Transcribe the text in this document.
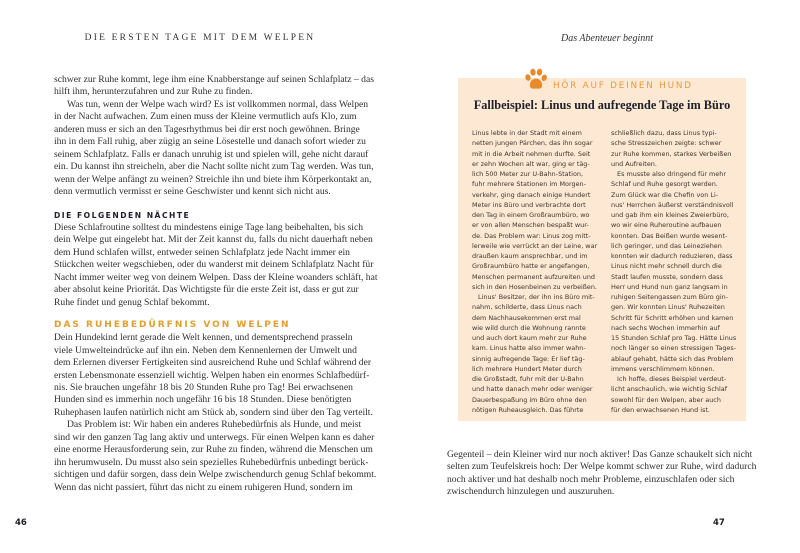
DIE ERSTEN TAGE MIT DEM WELPEN

schwer zur Ruhe kommt, lege ihm eine Knabberstange auf seinen Schlafplatz – das
hilft ihm, herunterzufahren und zur Ruhe zu finden.

Was tun, wenn der Welpe wach wird? Es ist vollkommen normal, dass Welpen
in der Nacht aufwachen. Zum einen muss der Kleine vermutlich aufs Klo, zum
anderen muss er sich an den Tagesrhythmus bei dir erst noch gewöhnen. Bringe
ihn in dem Fall ruhig, aber zügig an seine Lösestelle und danach sofort wieder zu
seinem Schlafplatz. Falls er danach unruhig ist und spielen will, gehe nicht darauf
ein. Du kannst ihn streicheln, aber die Nacht sollte nicht zum Tag werden. Was tun,
wenn der Welpe anfängt zu weinen? Streichle ihn und biete ihm Körperkontakt an,
denn vermutlich vermisst er seine Geschwister und kennt sich nicht aus.

DIE FOLGENDEN NÄCHTE

Diese Schlafroutine solltest du mindestens einige Tage lang beibehalten, bis sich
dein Welpe gut eingelebt hat. Mit der Zeit kannst du, falls du nicht dauerhaft neben
dem Hund schlafen willst, entweder seinen Schlafplatz jede Nacht immer ein
Stückchen weiter wegschieben, oder du wanderst mit deinem Schlafplatz Nacht für
Nacht immer weiter weg von deinem Welpen. Dass der Kleine woanders schläft, hat
aber absolut keine Priorität. Das Wichtigste für die erste Zeit ist, dass er gut zur
Ruhe findet und genug Schlaf bekommt.

DAS RUHEBEDÜRFNIS VON WELPEN

Dein Hundekind lernt gerade die Welt kennen, und dementsprechend prasseln
viele Umwelteindrücke auf ihn ein. Neben dem Kennenlernen der Umwelt und
dem Erlernen diverser Fertigkeiten sind ausreichend Ruhe und Schlaf während der
ersten Lebensmonate essenziell wichtig. Welpen haben ein enormes Schlafbedürf-
nis. Sie brauchen ungefähr 18 bis 20 Stunden Ruhe pro Tag! Bei erwachsenen
Hunden sind es immerhin noch ungefähr 16 bis 18 Stunden. Diese benötigten
Ruhephasen laufen natürlich nicht am Stück ab, sondern sind über den Tag verteilt.

Das Problem ist: Wir haben ein anderes Ruhebedürfnis als Hunde, und meist
sind wir den ganzen Tag lang aktiv und unterwegs. Für einen Welpen kann es daher
eine enorme Herausforderung sein, zur Ruhe zu finden, während die Menschen um
ihn herumwuseln. Du musst also sein spezielles Ruhebedürfnis unbedingt berück-
sichtigen und dafür sorgen, dass dein Welpe zwischendurch genug Schlaf bekommt.
Wenn das nicht passiert, führt das nicht zu einem ruhigeren Hund, sondern im

46
Das Abenteuer beginnt
HÖR AUF DEINEN HUND
Fallbeispiel: Linus und aufregende Tage im Büro

Linus lebte in der Stadt mit einem
netten jungen Pärchen, das ihn sogar
mit in die Arbeit nehmen durfte. Seit
er zehn Wochen alt war, ging er täg-
lich 500 Meter zur U-Bahn-Station,
fuhr mehrere Stationen im Morgen-
verkehr, ging danach einige Hundert
Meter ins Büro und verbrachte dort
den Tag in einem Großraumbüro, wo
er von allen Menschen bespaßt wur-
de. Das Problem war: Linus zog mitt-
lerweile wie verrückt an der Leine, war
draußen kaum ansprechbar, und im
Großraumbüro hatte er angefangen,
Menschen permanent aufzureiten und
sich in den Hosenbeinen zu verbeißen.

Linus' Besitzer, der ihn ins Büro mit-
nahm, schilderte, dass Linus nach
dem Nachhausekommen erst mal
wie wild durch die Wohnung rannte
und auch dort kaum mehr zur Ruhe
kam. Linus hatte also immer wahn-
sinnig aufregende Tage: Er lief täg-
lich mehrere Hundert Meter durch
die Großstadt, fuhr mit der U-Bahn
und hatte danach mehr oder weniger
Dauerbespaßung im Büro ohne den
nötigen Ruheausgleich. Das führte

schließlich dazu, dass Linus typi-
sche Stresszeichen zeigte: schwer
zur Ruhe kommen, starkes Verbeißen
und Aufreiten.

Es musste also dringend für mehr
Schlaf und Ruhe gesorgt werden.
Zum Glück war die Chefin von Li-
nus' Herrchen äußerst verständnisvoll
und gab ihm ein kleines Zweierbüro,
wo wir eine Ruheroutine aufbauen
konnten. Das Beißen wurde wesent-
lich geringer, und das Leineziehen
konnten wir dadurch reduzieren, dass
Linus nicht mehr schnell durch die
Stadt laufen musste, sondern dass
Herr und Hund nun ganz langsam in
ruhigen Seitengassen zum Büro gin-
gen. Wir konnten Linus' Ruhezeiten
Schritt für Schritt erhöhen und kamen
nach sechs Wochen immerhin auf
15 Stunden Schlaf pro Tag. Hätte Linus
noch länger so einen stressigen Tages-
ablauf gehabt, hätte sich das Problem
immens verschlimmern können.

Ich hoffe, dieses Beispiel verdeut-
licht anschaulich, wie wichtig Schlaf
sowohl für den Welpen, aber auch
für den erwachsenen Hund ist.

Gegenteil – dein Kleiner wird nur noch aktiver! Das Ganze schaukelt sich nicht
selten zum Teufelskreis hoch: Der Welpe kommt schwer zur Ruhe, wird dadurch
noch aktiver und hat deshalb noch mehr Probleme, einzuschlafen oder sich
zwischendurch hinzulegen und auszuruhen.

47
